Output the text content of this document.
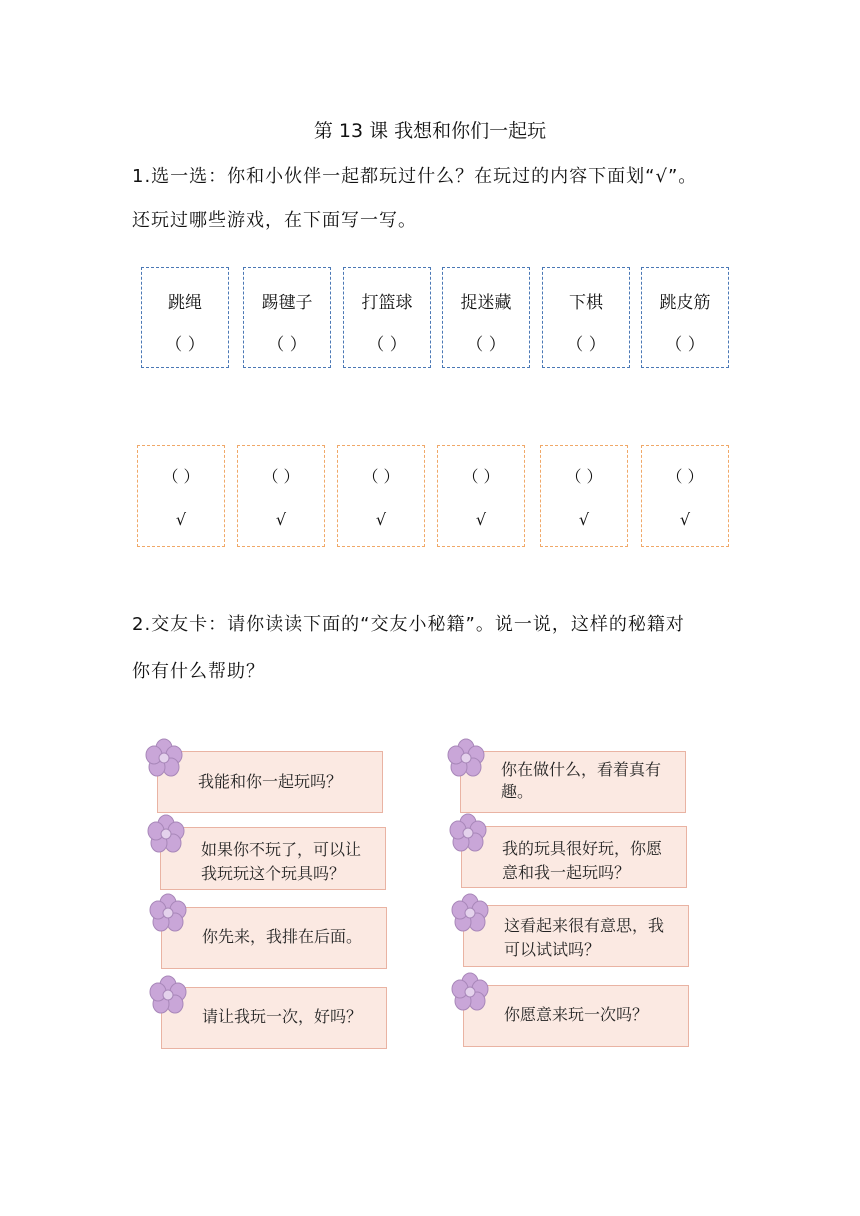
第 13 课 我想和你们一起玩
1.选一选：你和小伙伴一起都玩过什么？在玩过的内容下面划“√”。
还玩过哪些游戏，在下面写一写。
跳绳
（ ）
踢毽子
（ ）
打篮球
（ ）
捉迷藏
（ ）
下棋
（ ）
跳皮筋
（ ）
（ ）
√
（ ）
√
（ ）
√
（ ）
√
（ ）
√
（ ）
√
2.交友卡：请你读读下面的“交友小秘籍”。说一说，这样的秘籍对
你有什么帮助？
我能和你一起玩吗？
如果你不玩了，可以让
我玩玩这个玩具吗？
你先来，我排在后面。
请让我玩一次，好吗？
你在做什么，看着真有
趣。
我的玩具很好玩，你愿
意和我一起玩吗？
这看起来很有意思，我
可以试试吗？
你愿意来玩一次吗？
